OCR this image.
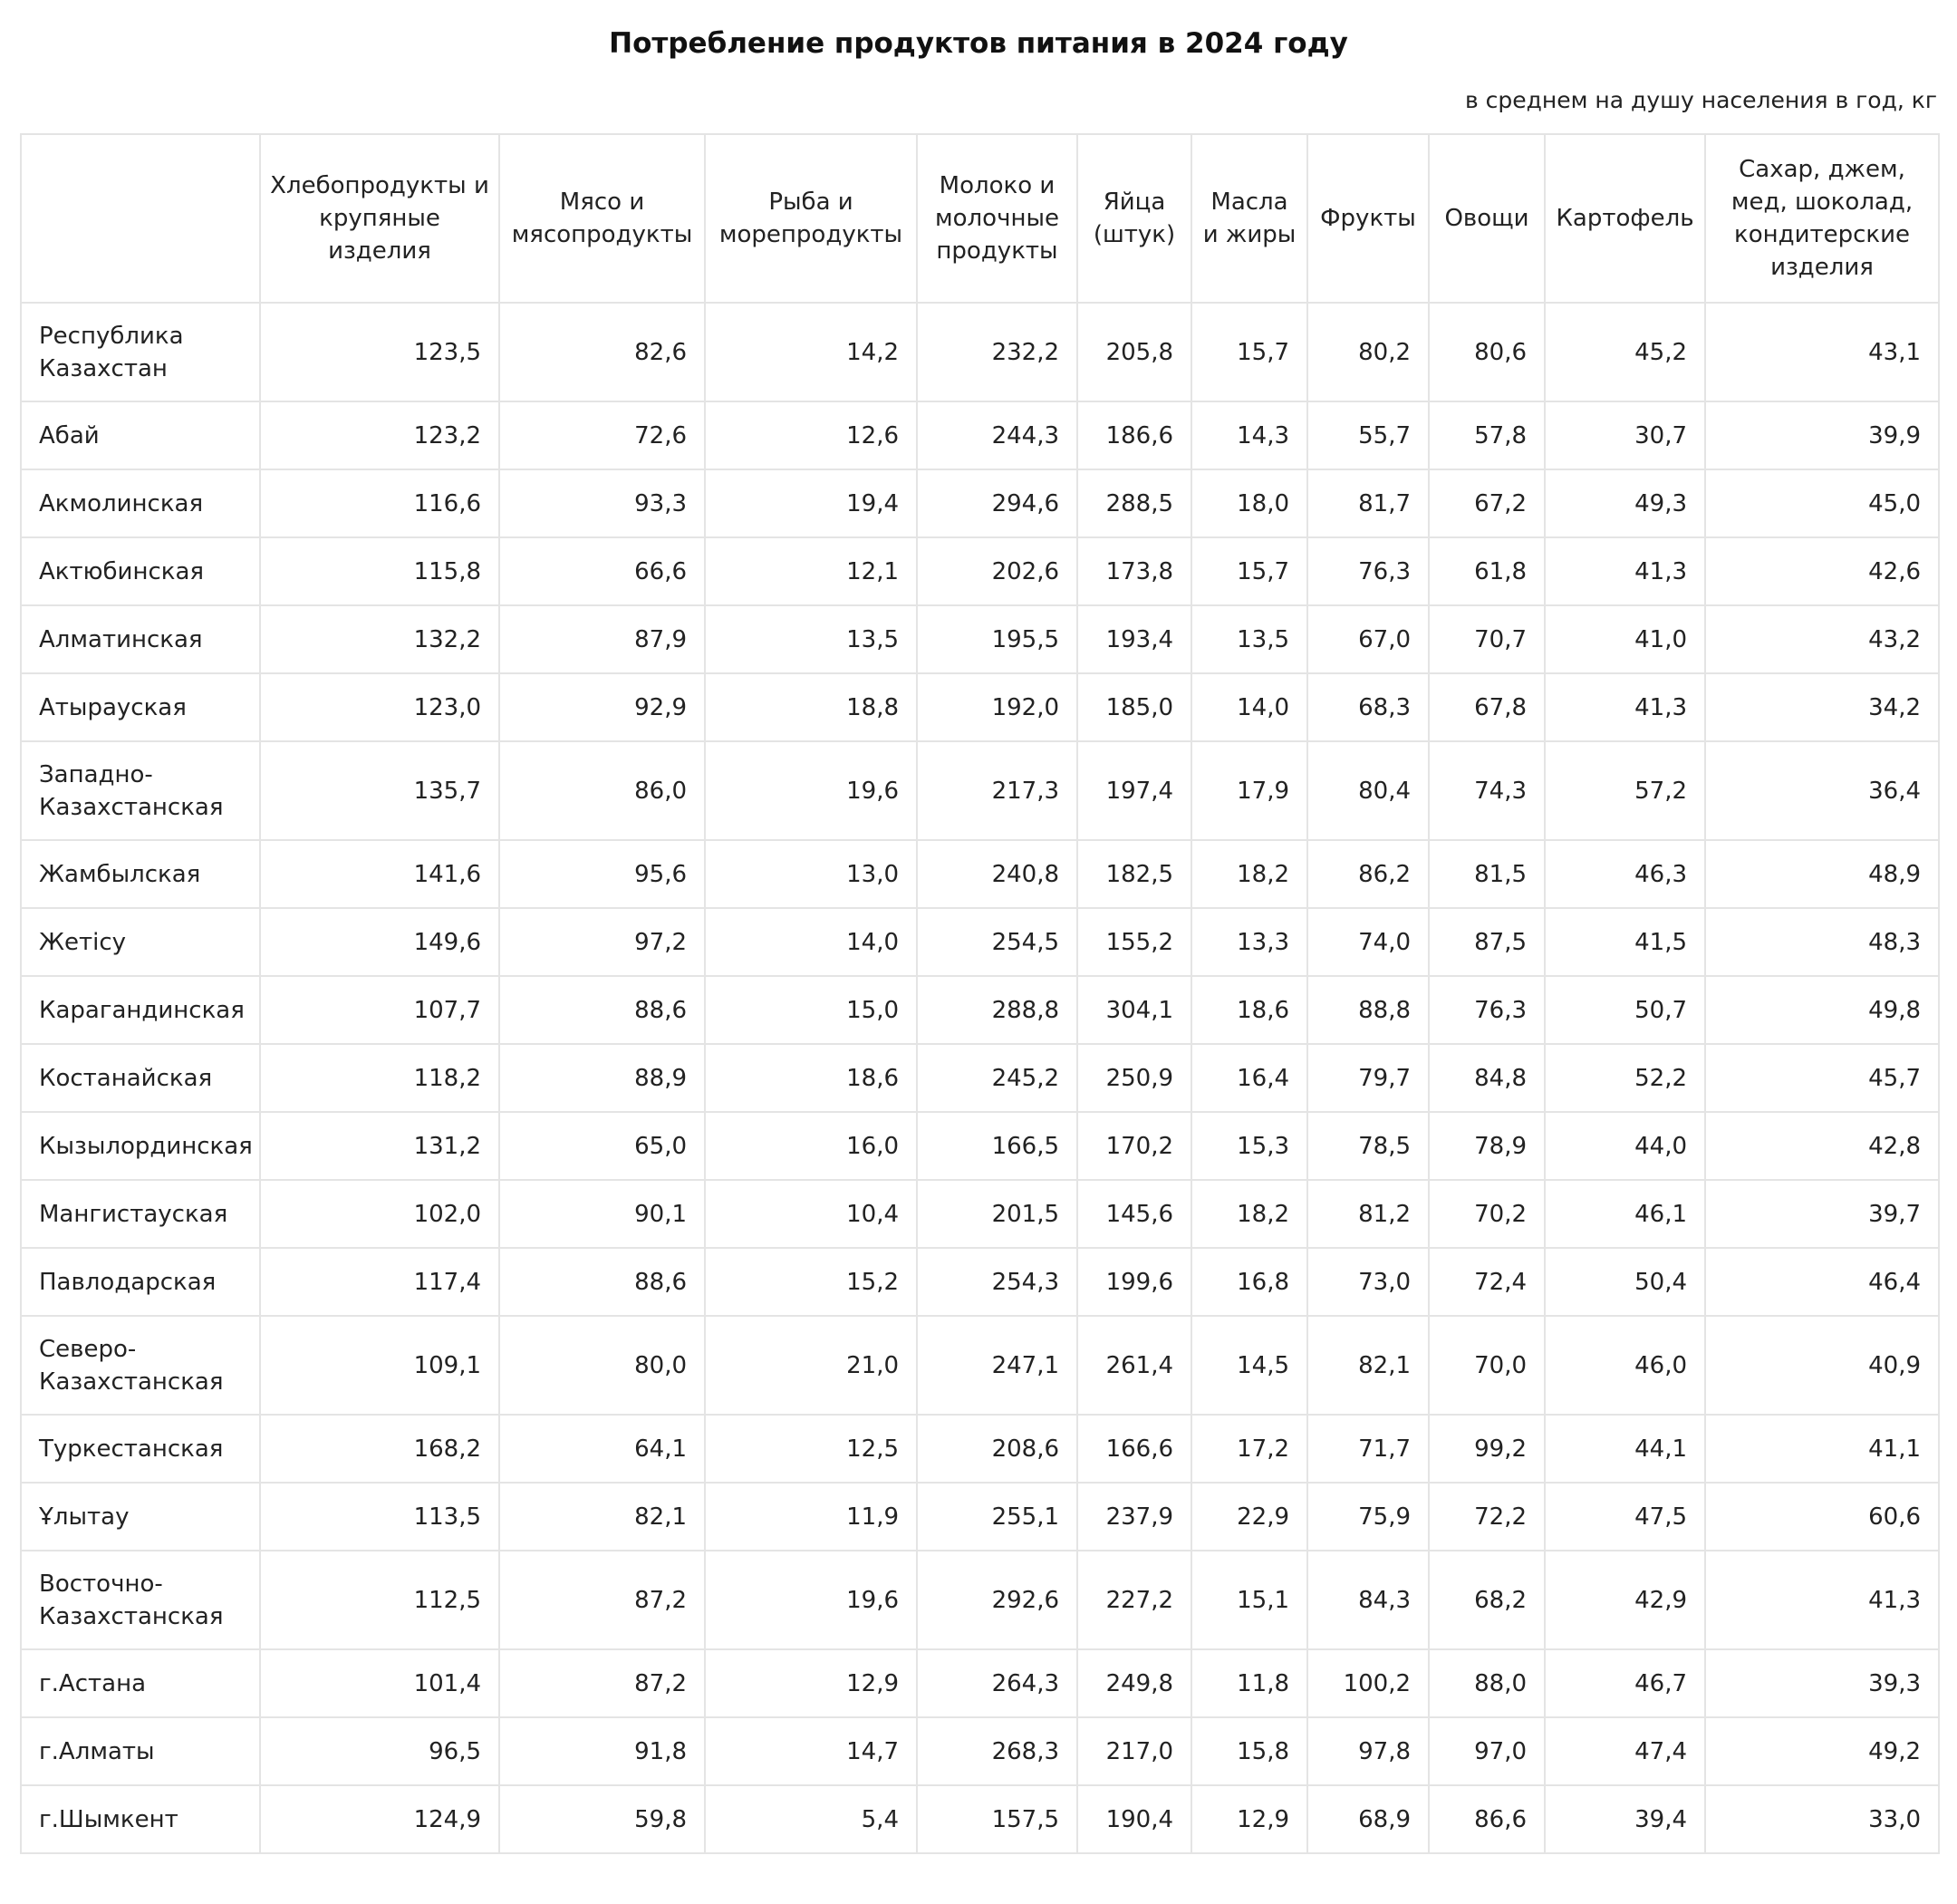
Потребление продуктов питания в 2024 году
в среднем на душу населения в год, кг
	Хлебопродукты и крупяные изделия	Мясо и мясопродукты	Рыба и морепродукты	Молоко и молочные продукты	Яйца (штук)	Масла и жиры	Фрукты	Овощи	Картофель	Сахар, джем, мед, шоколад, кондитерские изделия
Республика Казахстан	123,5	82,6	14,2	232,2	205,8	15,7	80,2	80,6	45,2	43,1
Абай	123,2	72,6	12,6	244,3	186,6	14,3	55,7	57,8	30,7	39,9
Акмолинская	116,6	93,3	19,4	294,6	288,5	18,0	81,7	67,2	49,3	45,0
Актюбинская	115,8	66,6	12,1	202,6	173,8	15,7	76,3	61,8	41,3	42,6
Алматинская	132,2	87,9	13,5	195,5	193,4	13,5	67,0	70,7	41,0	43,2
Атырауская	123,0	92,9	18,8	192,0	185,0	14,0	68,3	67,8	41,3	34,2
Западно-Казахстанская	135,7	86,0	19,6	217,3	197,4	17,9	80,4	74,3	57,2	36,4
Жамбылская	141,6	95,6	13,0	240,8	182,5	18,2	86,2	81,5	46,3	48,9
Жетісу	149,6	97,2	14,0	254,5	155,2	13,3	74,0	87,5	41,5	48,3
Карагандинская	107,7	88,6	15,0	288,8	304,1	18,6	88,8	76,3	50,7	49,8
Костанайская	118,2	88,9	18,6	245,2	250,9	16,4	79,7	84,8	52,2	45,7
Кызылординская	131,2	65,0	16,0	166,5	170,2	15,3	78,5	78,9	44,0	42,8
Мангистауская	102,0	90,1	10,4	201,5	145,6	18,2	81,2	70,2	46,1	39,7
Павлодарская	117,4	88,6	15,2	254,3	199,6	16,8	73,0	72,4	50,4	46,4
Северо-Казахстанская	109,1	80,0	21,0	247,1	261,4	14,5	82,1	70,0	46,0	40,9
Туркестанская	168,2	64,1	12,5	208,6	166,6	17,2	71,7	99,2	44,1	41,1
Ұлытау	113,5	82,1	11,9	255,1	237,9	22,9	75,9	72,2	47,5	60,6
Восточно-Казахстанская	112,5	87,2	19,6	292,6	227,2	15,1	84,3	68,2	42,9	41,3
г.Астана	101,4	87,2	12,9	264,3	249,8	11,8	100,2	88,0	46,7	39,3
г.Алматы	96,5	91,8	14,7	268,3	217,0	15,8	97,8	97,0	47,4	49,2
г.Шымкент	124,9	59,8	5,4	157,5	190,4	12,9	68,9	86,6	39,4	33,0
